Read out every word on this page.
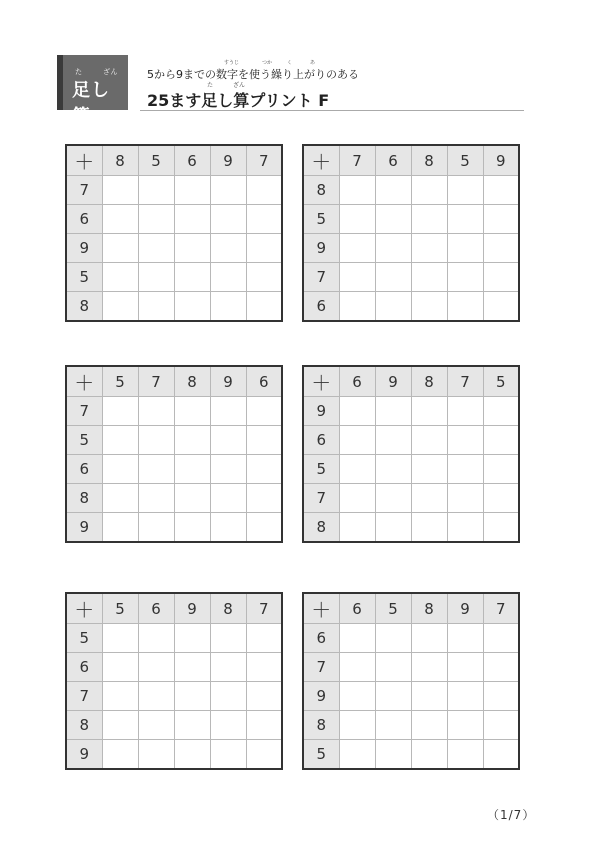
た	ざん
足し算
すうじ	つか	く	あ
5から9までの数字を使う繰り上がりのある
た	ざん
25ます足し算プリント F
＋	8	5	6	9	7
7					
6					
9					
5					
8					
＋	7	6	8	5	9
8					
5					
9					
7					
6					
＋	5	7	8	9	6
7					
5					
6					
8					
9					
＋	6	9	8	7	5
9					
6					
5					
7					
8					
＋	5	6	9	8	7
5					
6					
7					
8					
9					
＋	6	5	8	9	7
6					
7					
9					
8					
5					
（1/7）
